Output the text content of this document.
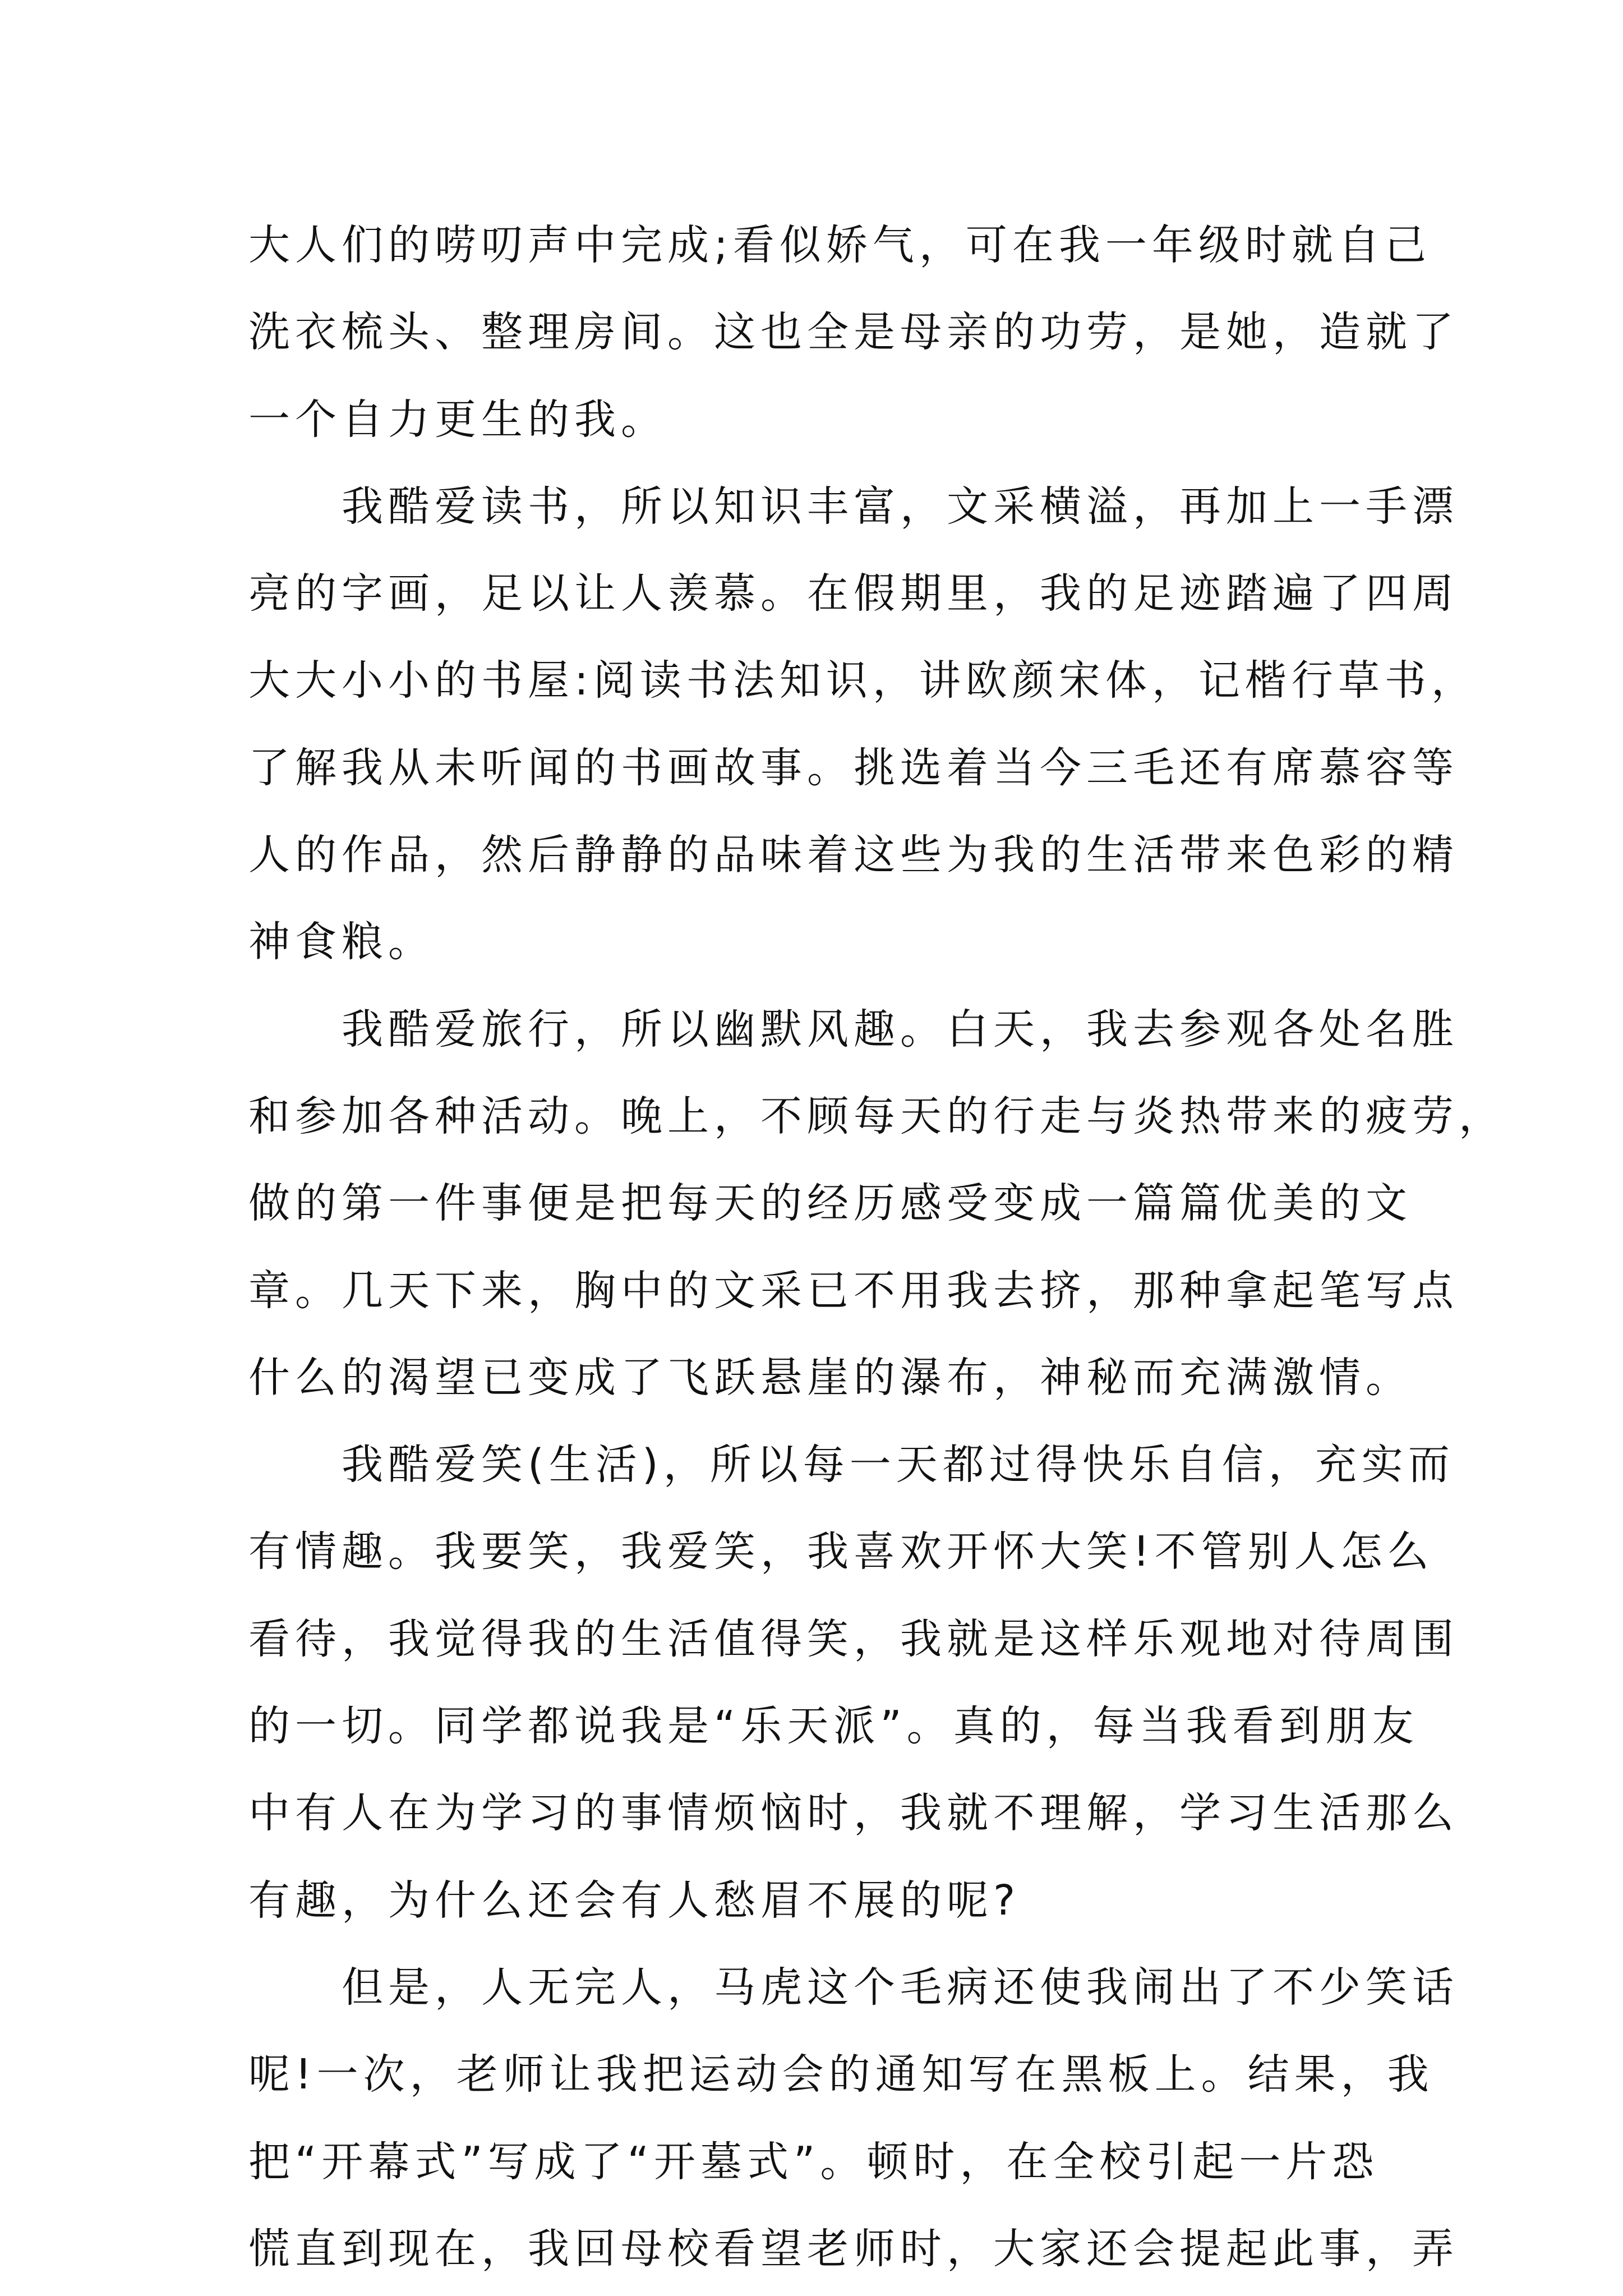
大人们的唠叨声中完成;看似娇气，可在我一年级时就自己
洗衣梳头、整理房间。这也全是母亲的功劳，是她，造就了
一个自力更生的我。
我酷爱读书，所以知识丰富，文采横溢，再加上一手漂
亮的字画，足以让人羡慕。在假期里，我的足迹踏遍了四周
大大小小的书屋:阅读书法知识，讲欧颜宋体，记楷行草书，
了解我从未听闻的书画故事。挑选着当今三毛还有席慕容等
人的作品，然后静静的品味着这些为我的生活带来色彩的精
神食粮。
我酷爱旅行，所以幽默风趣。白天，我去参观各处名胜
和参加各种活动。晚上，不顾每天的行走与炎热带来的疲劳，
做的第一件事便是把每天的经历感受变成一篇篇优美的文
章。几天下来，胸中的文采已不用我去挤，那种拿起笔写点
什么的渴望已变成了飞跃悬崖的瀑布，神秘而充满激情。
我酷爱笑(生活)，所以每一天都过得快乐自信，充实而
有情趣。我要笑，我爱笑，我喜欢开怀大笑!不管别人怎么
看待，我觉得我的生活值得笑，我就是这样乐观地对待周围
的一切。同学都说我是“乐天派”。真的，每当我看到朋友
中有人在为学习的事情烦恼时，我就不理解，学习生活那么
有趣，为什么还会有人愁眉不展的呢?
但是，人无完人，马虎这个毛病还使我闹出了不少笑话
呢!一次，老师让我把运动会的通知写在黑板上。结果，我
把“开幕式”写成了“开墓式”。顿时，在全校引起一片恐
慌直到现在，我回母校看望老师时，大家还会提起此事，弄
